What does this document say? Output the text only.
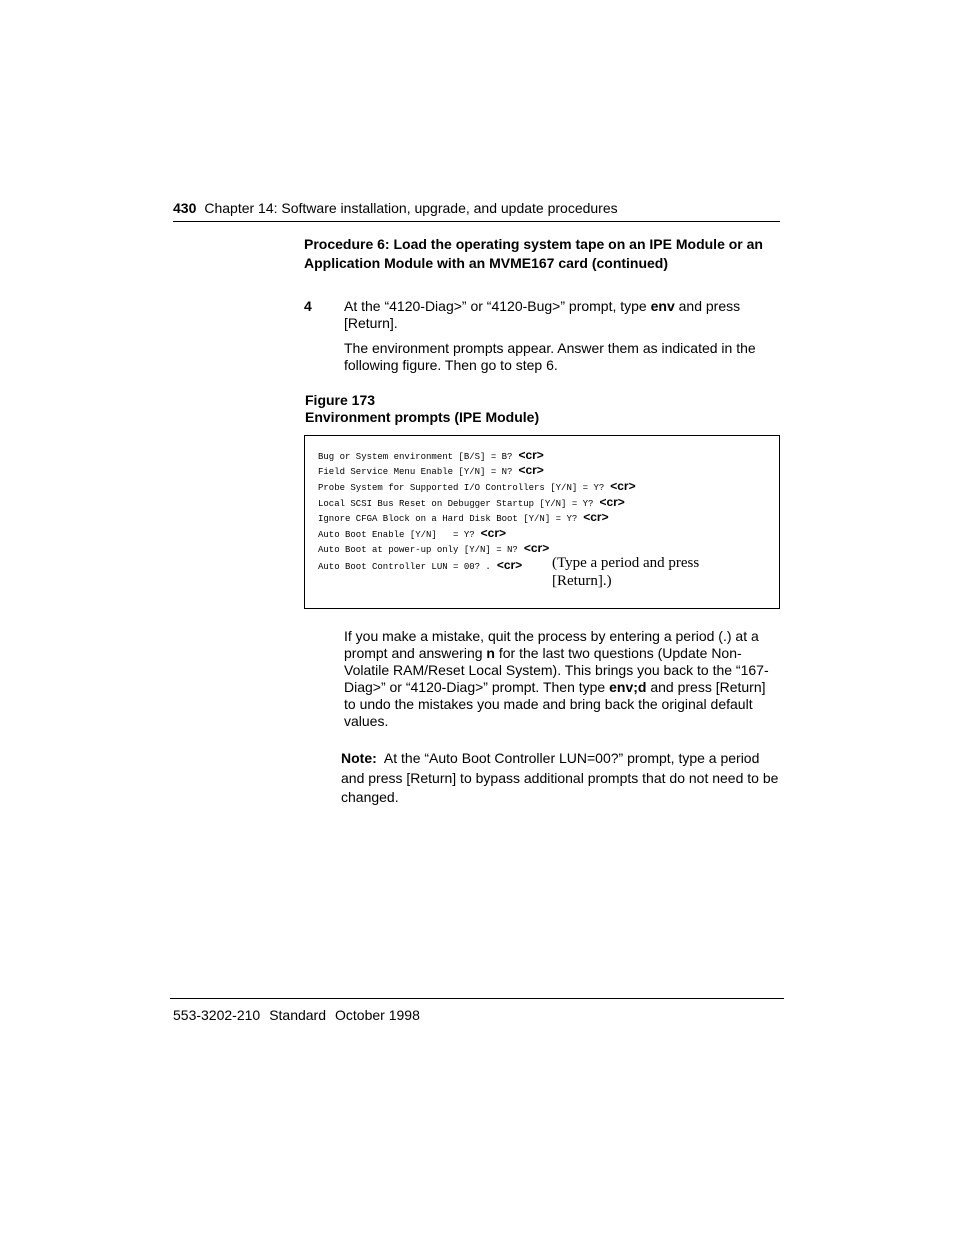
430 Chapter 14: Software installation, upgrade, and update procedures
Procedure 6: Load the operating system tape on an IPE Module or an Application Module with an MVME167 card (continued)
4 At the “4120-Diag>” or “4120-Bug>” prompt, type env and press [Return].
The environment prompts appear. Answer them as indicated in the following figure. Then go to step 6.
Figure 173
Environment prompts (IPE Module)
Bug or System environment [B/S] = B? <cr>
Field Service Menu Enable [Y/N] = N? <cr>
Probe System for Supported I/O Controllers [Y/N] = Y? <cr>
Local SCSI Bus Reset on Debugger Startup [Y/N] = Y? <cr>
Ignore CFGA Block on a Hard Disk Boot [Y/N] = Y? <cr>
Auto Boot Enable [Y/N]   = Y? <cr>
Auto Boot at power-up only [Y/N] = N? <cr>
Auto Boot Controller LUN = 00? . <cr> (Type a period and press [Return].)
If you make a mistake, quit the process by entering a period (.) at a prompt and answering n for the last two questions (Update Non-Volatile RAM/Reset Local System). This brings you back to the “167-Diag>” or “4120-Diag>” prompt. Then type env;d and press [Return] to undo the mistakes you made and bring back the original default values.
Note: At the “Auto Boot Controller LUN=00?” prompt, type a period and press [Return] to bypass additional prompts that do not need to be changed.
553-3202-210 Standard October 1998
